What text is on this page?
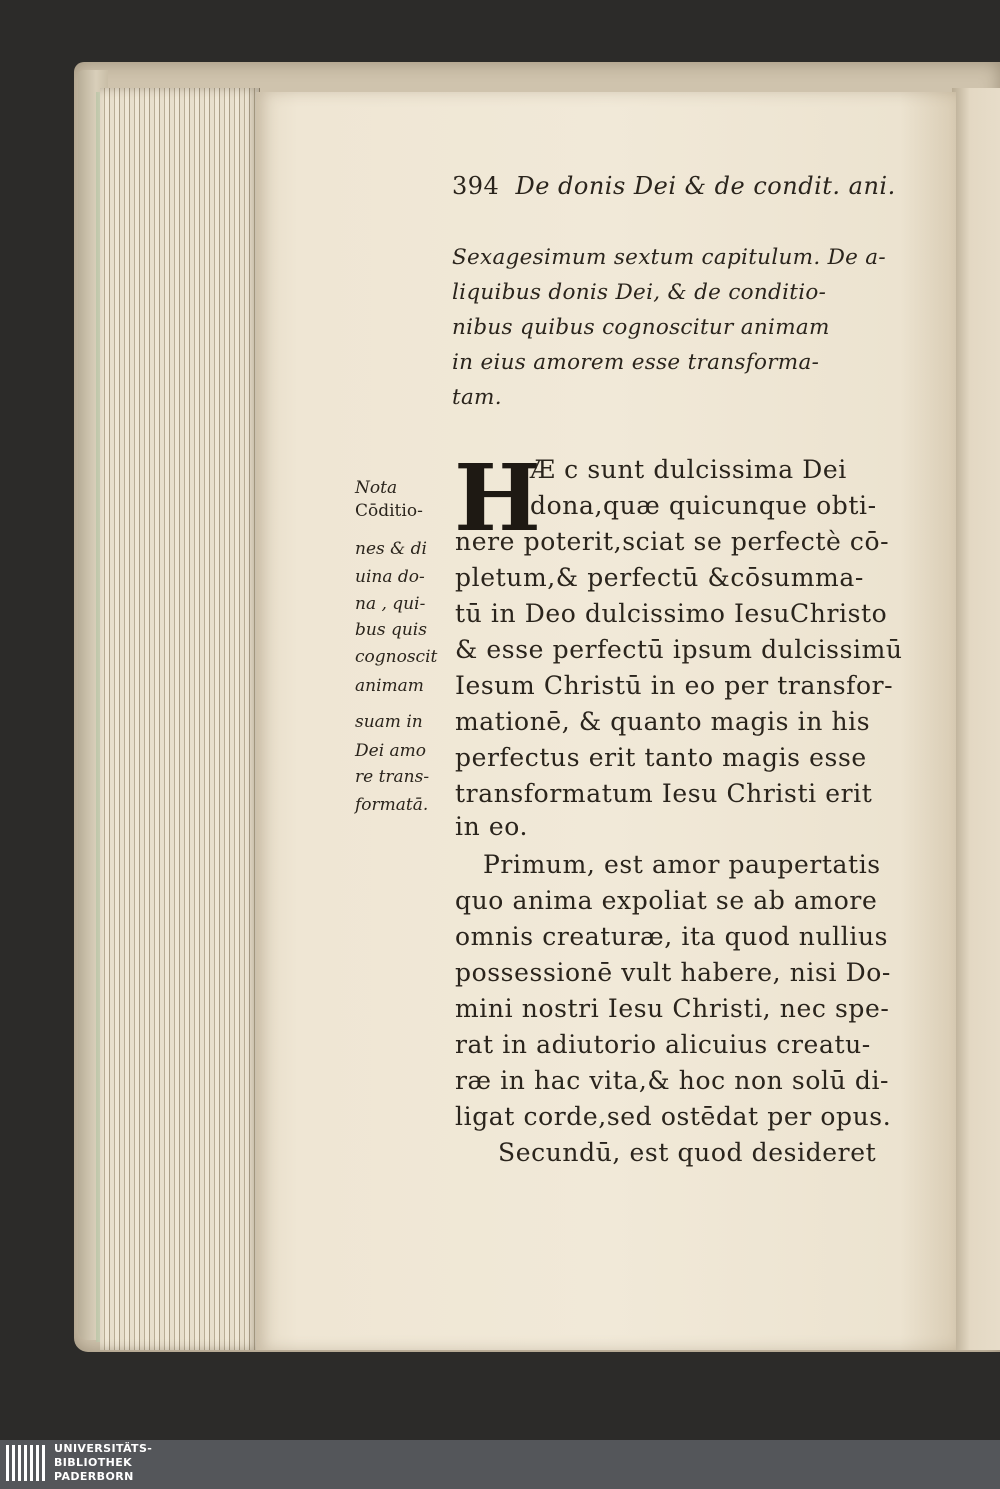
394 De donis Dei & de condit. ani.
Sexagesimum sextum capitulum. De a-
liquibus donis Dei, & de conditio-
nibus quibus cognoscitur animam
in eius amorem esse transforma-
tam.
H
Æ c sunt dulcissima Dei
dona,quæ quicunque obti-
nere poterit,sciat se perfectè cō-
pletum,& perfectū &cōsumma-
tū in Deo dulcissimo IesuChristo
& esse perfectū ipsum dulcissimū
Iesum Christū in eo per transfor-
mationē, & quanto magis in his
perfectus erit tanto magis esse
transformatum Iesu Christi erit
in eo.
Primum, est amor paupertatis
quo anima expoliat se ab amore
omnis creaturæ, ita quod nullius
possessionē vult habere, nisi Do-
mini nostri Iesu Christi, nec spe-
rat in adiutorio alicuius creatu-
ræ in hac vita,& hoc non solū di-
ligat corde,sed ostēdat per opus.
Secundū, est quod desideret
Nota
Cōditio-
nes & di
uina do-
na , qui-
bus quis
cognoscit
animam
suam in
Dei amo
re trans-
formatā.
UNIVERSITÄTS-
BIBLIOTHEK
PADERBORN
